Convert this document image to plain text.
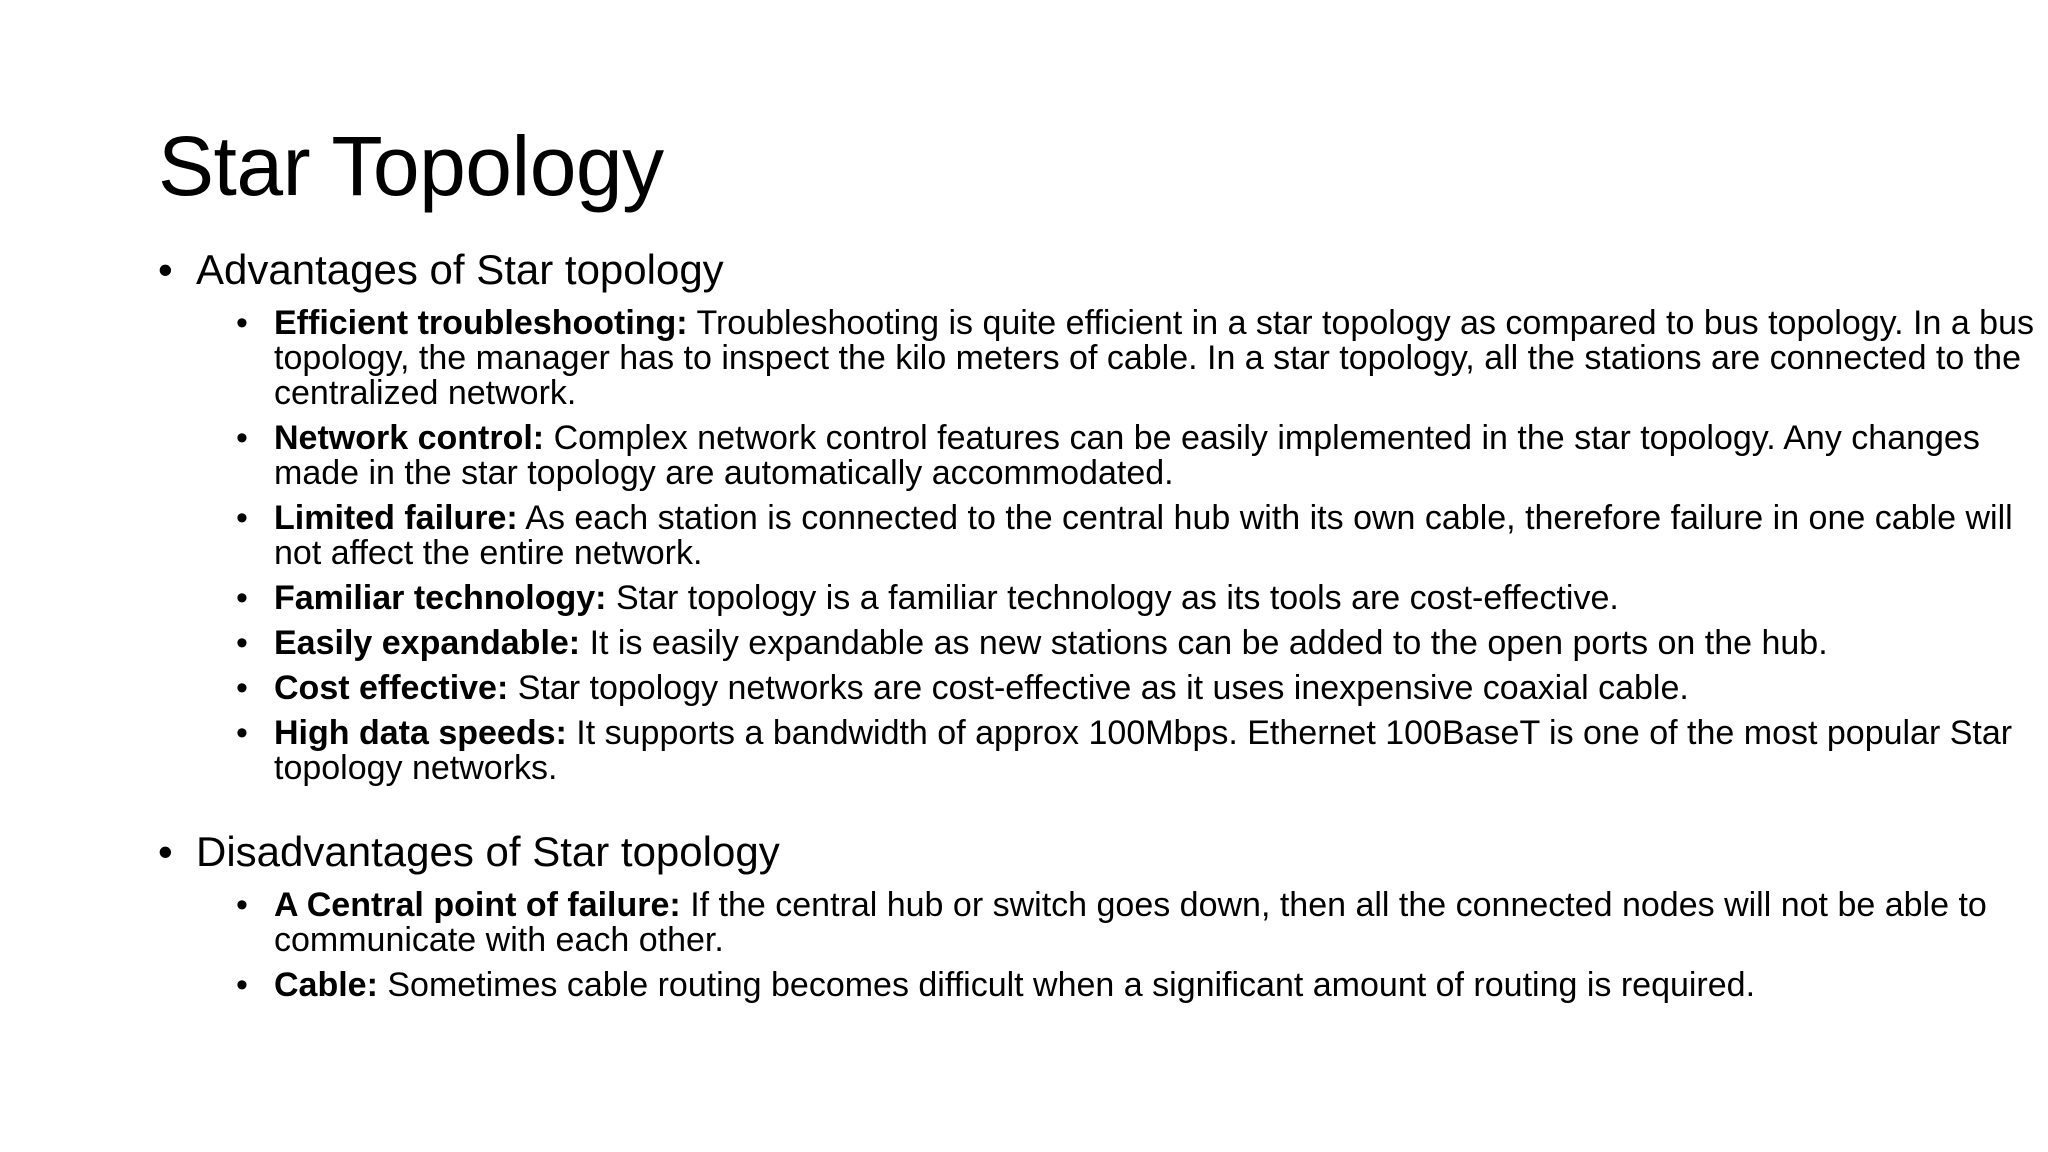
Star Topology

• Advantages of Star topology

• Efficient troubleshooting: Troubleshooting is quite efficient in a star topology as compared to bus topology. In a bus topology, the manager has to inspect the kilo meters of cable. In a star topology, all the stations are connected to the centralized network.
• Network control: Complex network control features can be easily implemented in the star topology. Any changes made in the star topology are automatically accommodated.
• Limited failure: As each station is connected to the central hub with its own cable, therefore failure in one cable will not affect the entire network.
• Familiar technology: Star topology is a familiar technology as its tools are cost-effective.
• Easily expandable: It is easily expandable as new stations can be added to the open ports on the hub.
• Cost effective: Star topology networks are cost-effective as it uses inexpensive coaxial cable.
• High data speeds: It supports a bandwidth of approx 100Mbps. Ethernet 100BaseT is one of the most popular Star topology networks.

• Disadvantages of Star topology

• A Central point of failure: If the central hub or switch goes down, then all the connected nodes will not be able to communicate with each other.
• Cable: Sometimes cable routing becomes difficult when a significant amount of routing is required.
